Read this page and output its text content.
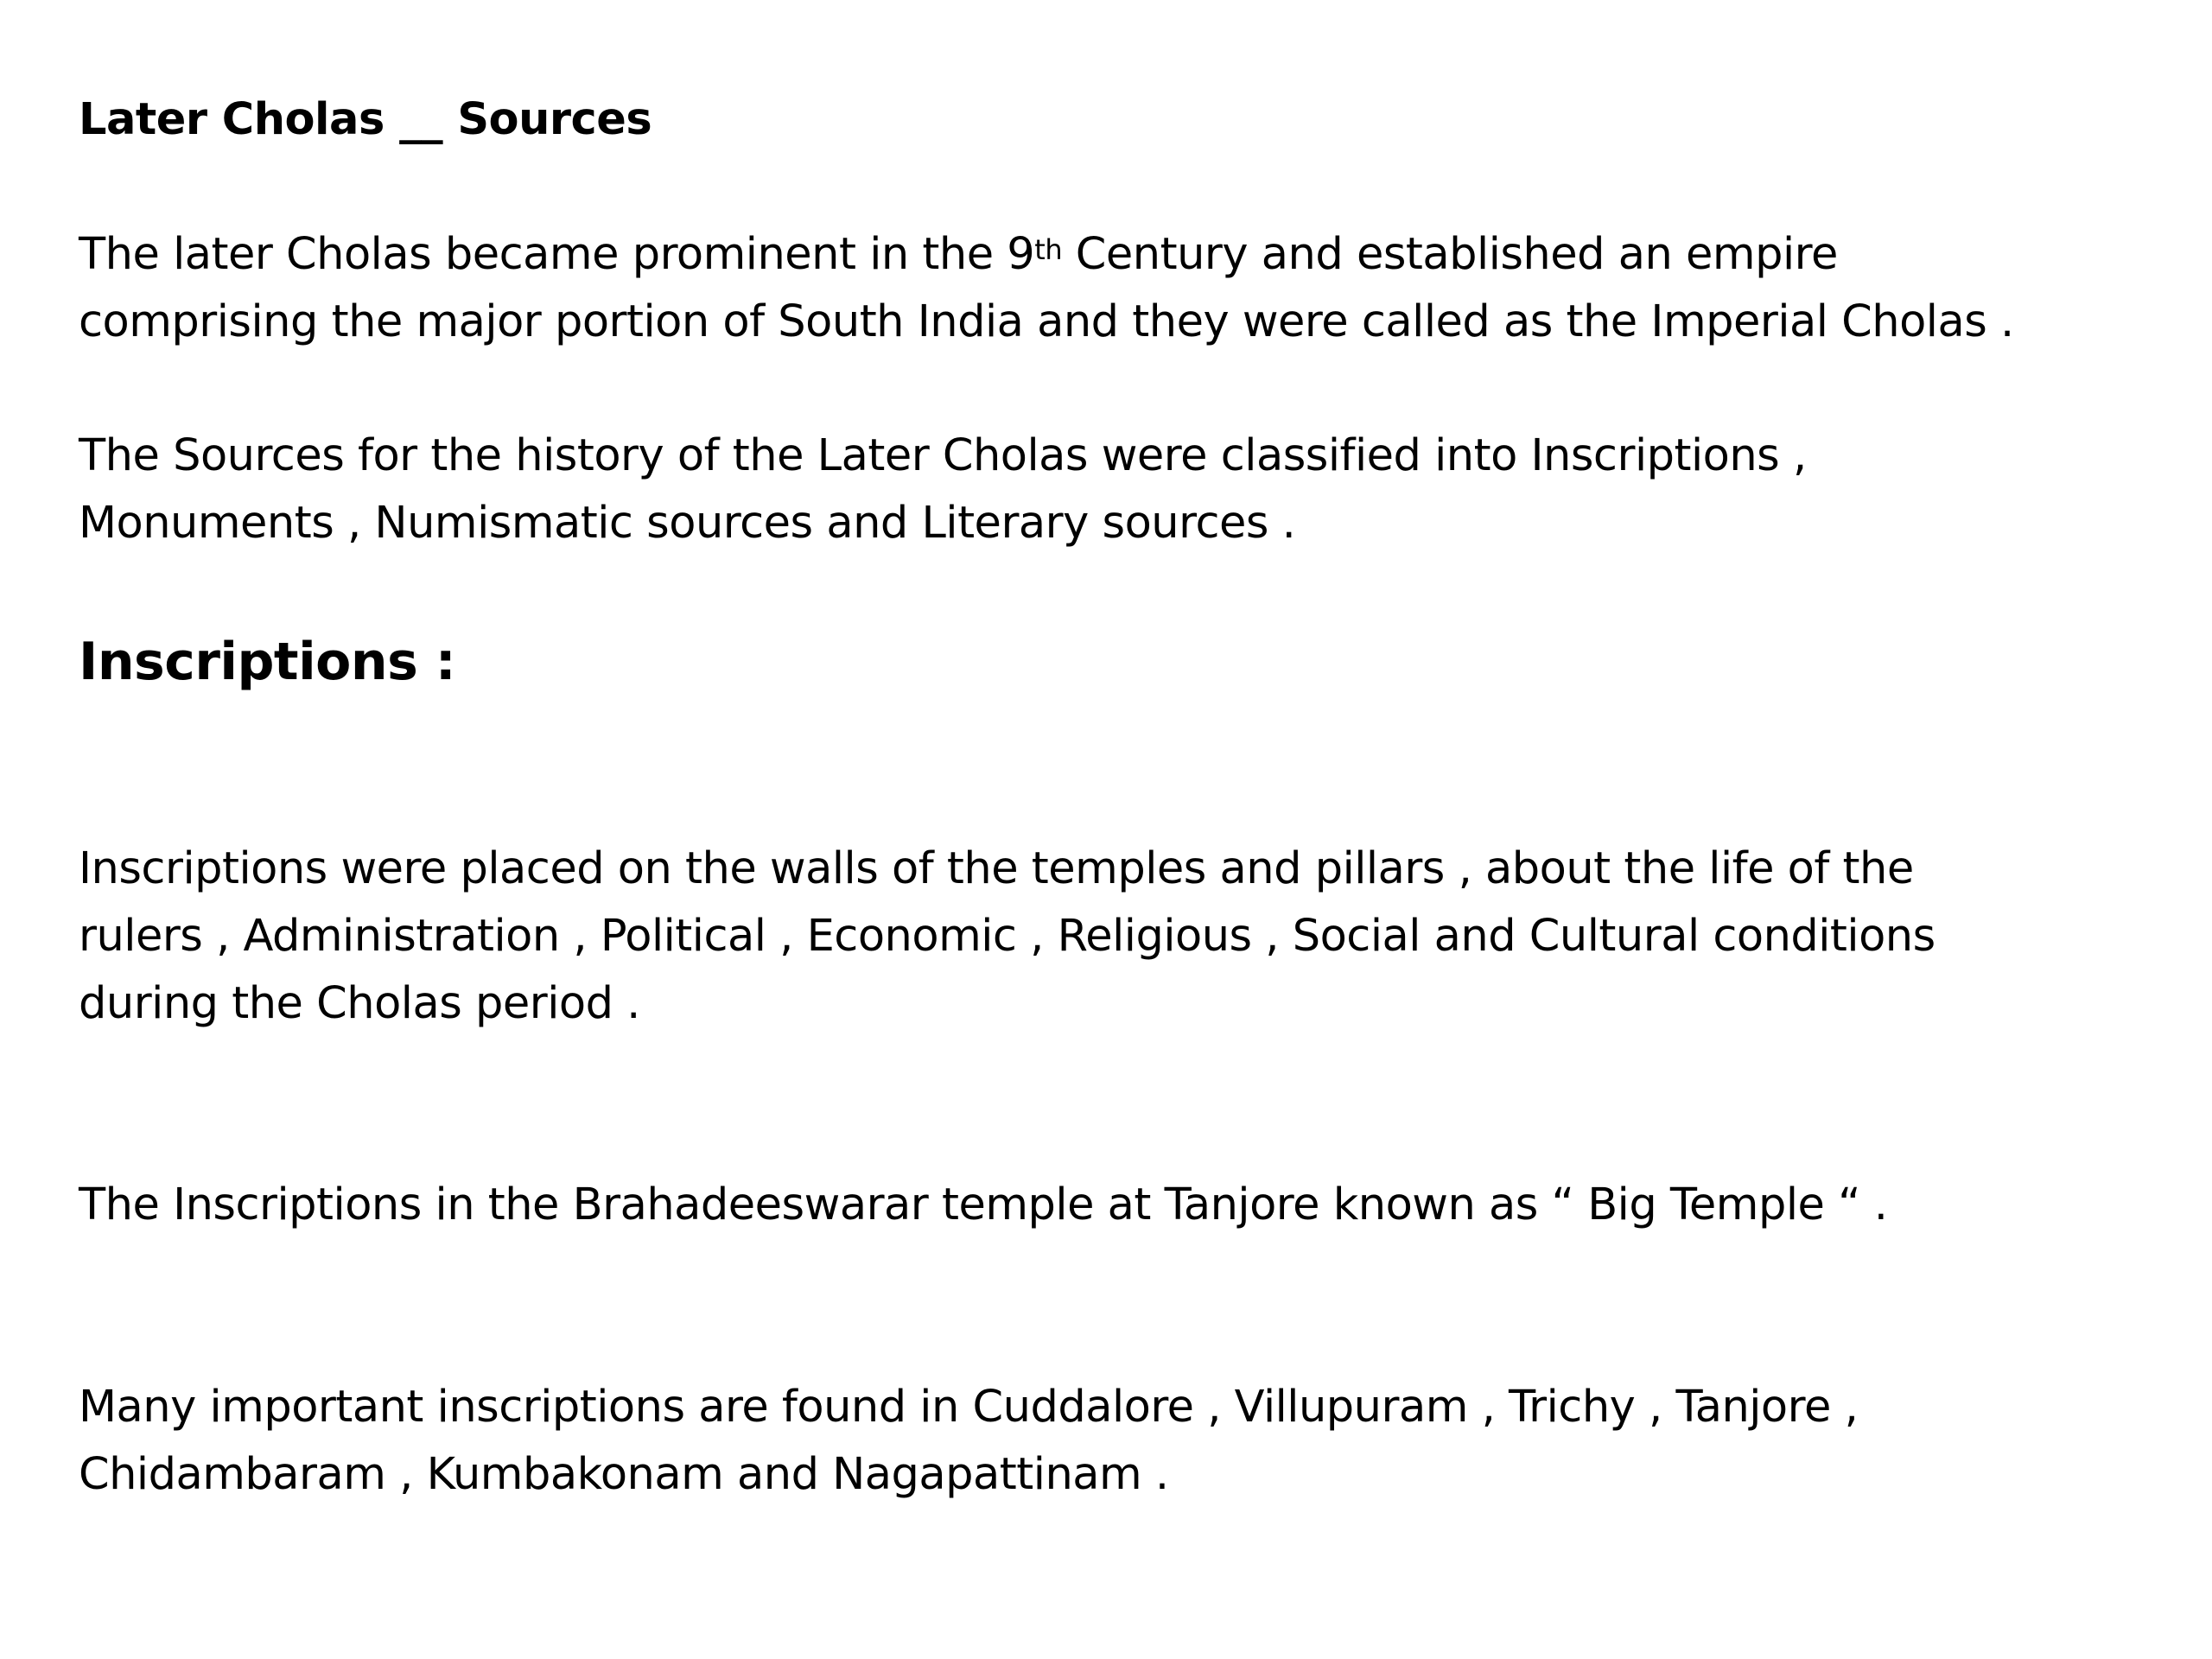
Later Cholas __ Sources
The later Cholas became prominent in the 9th Century and established an empire
comprising the major portion of South India and they were called as the Imperial Cholas .
The Sources for the history of the Later Cholas were classified into Inscriptions ,
Monuments , Numismatic sources and Literary sources .
Inscriptions :
Inscriptions were placed on the walls of the temples and pillars , about the life of the
rulers , Administration , Political , Economic , Religious , Social and Cultural conditions
during the Cholas period .
The Inscriptions in the Brahadeeswarar temple at Tanjore known as “ Big Temple “ .
Many important inscriptions are found in Cuddalore , Villupuram , Trichy , Tanjore ,
Chidambaram , Kumbakonam and Nagapattinam .
